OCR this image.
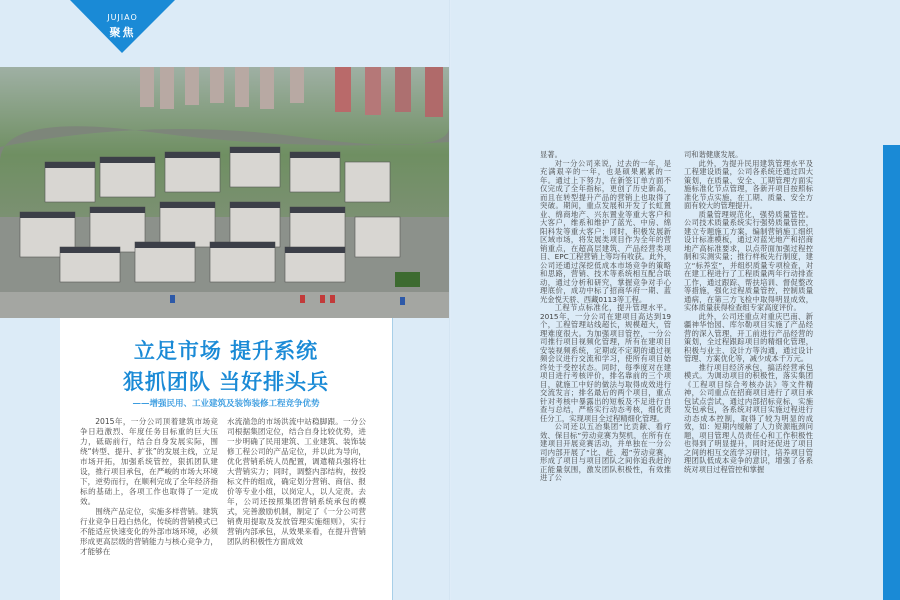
JUJIAO
聚焦
立足市场 提升系统
狠抓团队 当好排头兵
——增强民用、工业建筑及装饰装修工程竞争优势

2015年，一分公司顶着建筑市场竞争日趋激烈、年度任务目标重的巨大压力，砥砺前行，结合自身发展实际，围绕“转型、提升、扩张”的发展主线，立足市场开拓，加强系统管控，狠抓团队建设，推行项目承包，在严峻的市场大环境下，逆势而行，在顺利完成了全年经济指标的基础上，各项工作也取得了一定成效。

围绕产品定位，实施多样营销。建筑行业竞争日趋白热化，传统的营销模式已不能适应快速变化的外部市场环境，必须形成更高层级的营销能力与核心竞争力，才能够在

水流湍急的市场洪流中站稳脚跟。一分公司根据集团定位，结合自身比较优势，进一步明确了民用建筑、工业建筑、装饰装修工程公司的产品定位，并以此为导向，优化营销系统人员配置，调遣精兵强将壮大营销实力；同时，调整内部结构，按投标文件的组成，确定划分营销、商信、报价等专业小组，以岗定人，以人定责。去年，公司还按照集团营销系统承包的模式，完善激励机制，制定了《一分公司营销费用提取及发放管理实施细则》，实行营销内部承包，从效果来看，在提升营销团队的积极性方面成效

显著。

对一分公司来说，过去的一年，是充满艰辛的一年，也是硕果累累的一年。通过上下努力，在新签订单方面不仅完成了全年指标，更创了历史新高，而且在转型提升产品的营销上也取得了突破。期间，重点发展和开发了长虹置业、绵商地产、兴东置业等重大客户和大客户，维系和维护了蓝光、中房、绵阳科发等重大客户；同时，积极发展新区域市场，将发展类项目作为全年的营销重点，在超高层建筑、产品经营类项目、EPC工程营销上等均有收获。此外，公司还通过深挖低成本市场竞争的策略和思路，营销、技术等系统相互配合联动，通过分析和研究，掌握竞争对手心理底价，成功中标了招商华府一期、蓝光金悦天骄、西藏0113等工程。

工程节点标准化，提升管理水平。2015年，一分公司在建项目高达到19个，工程管理站线超长，规模超大，管理难度很大。为加强项目管控，一分公司推行项目视频化管理，所有在建项目安装视频系统，定期或不定期的通过视频会议进行交流和学习，使所有项目始终处于受控状态。同时，每季度对在建项目进行考核评价，排名靠前的三个项目，就施工中好的做法与取得成效进行交流发言；排名最后的两个项目，重点针对考核中暴露出的短板及不足进行自查与总结，严格实行动态考核，细化责任分工，实现项目全过程精细化管理。

公司还以五冶集团“比贡献、看疗效、保目标”劳动竞赛为契机，在所有在建项目开展竞赛活动，并单独在一分公司内部开展了“比、赶、超”劳动竞赛，形成了项目与项目团队之间你追我赶的正能量氛围，激发团队积极性，有效推进了公

司和谐健康发展。

此外，为提升民用建筑管理水平及工程建设质量，公司各系统还通过四大策划，在质量、安全、工期管理方面实施标准化节点管理，各新开项目按照标准化节点实施，在工期、质量、安全方面有较大的管理提升。

质量管理规范化，强势质量管控。公司技术质量系统实行强势质量管控，建立专题施工方案，编制营销施工细织设计标准模板，通过对蓝光地产和招商地产高标准要求，以点带面加强过程控制和实测实量；推行样板先行制度，建立“标养室”，并组织质量专项检查，对在建工程进行了工程质量两年行动排查工作，通过跟踪、帮扶培训、督促整改等措施，强化过程质量管控，控制质量通病，在第三方飞检中取得明显成效，实体质量获得检查组专家高度评价。

此外，公司还重点对重庆巴南、新疆神华怡园、库尔勒项目实施了产品经营的深入管理，开工前进行产品经营的策划，全过程跟踪项目的精细化管理，积极与业主、设计方等沟通，通过设计管理、方案优化等，减少成本千万元。

推行项目经济承包，搞活经营承包模式。为调动项目的积极性，落实集团《工程项目综合考核办法》等文件精神，公司重点在招商项目进行了项目承包试点尝试，通过内部招标竞标，实施发包承包，各系统对项目实施过程进行动态成本控制，取得了较为明显的成效，如：短期内缓解了人力资源瓶颈问题，项目管理人员责任心和工作积极性也得到了明显提升，同时还促进了项目之间的相互交流学习研讨，培养项目管理团队低成本竞争的意识，增强了各系统对项目过程管控和掌握
